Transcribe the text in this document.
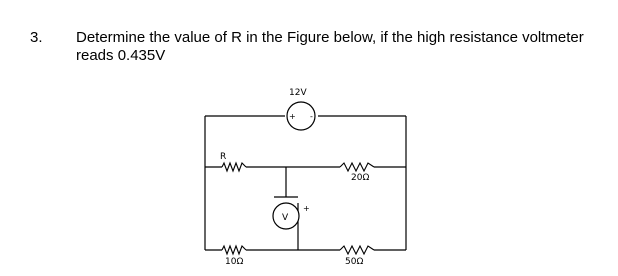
3. Determine the value of R in the Figure below, if the high resistance voltmeter
reads 0.435V
+ -
12V
V
+
R
20Ω
10Ω	50Ω
